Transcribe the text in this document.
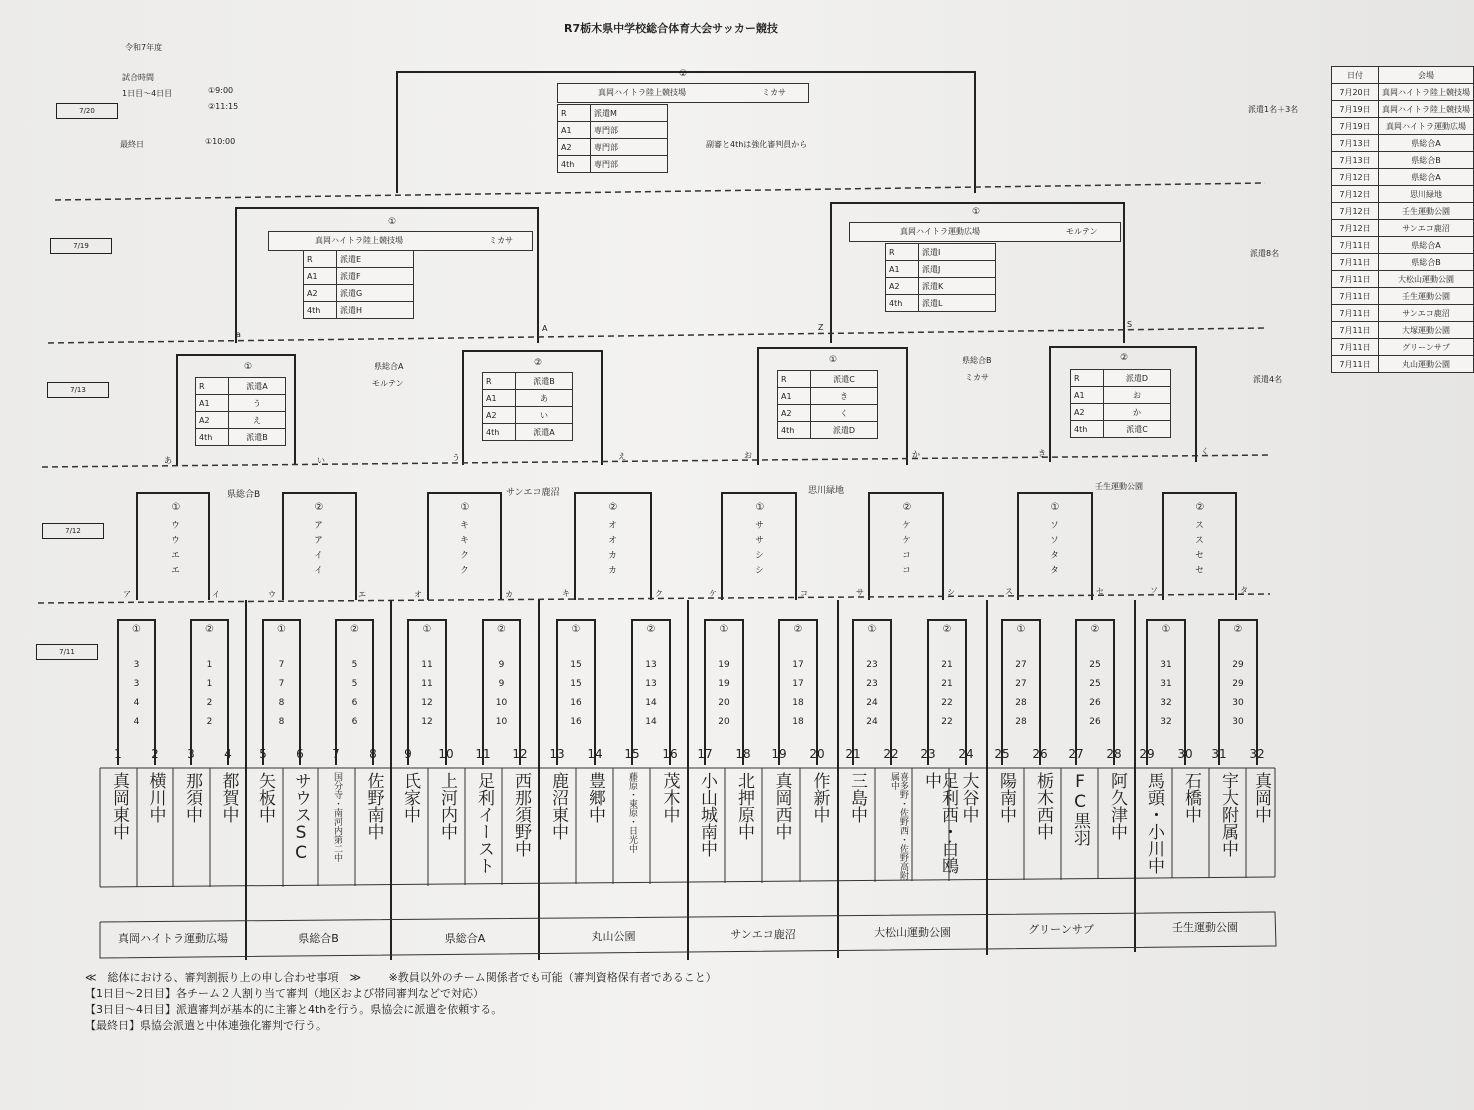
R7栃木県中学校総合体育大会サッカー競技
令和7年度
試合時間
1日目～4日目	①9:00
②11:15
最終日	①10:00
7/20
7/19
7/13
7/12
7/11
①
真岡ハイトラ陸上競技場	ミカサ
R	派遣M
A1	専門部
A2	専門部
4th	専門部
副審と4thは強化審判員から
派遣1名＋3名
①
真岡ハイトラ陸上競技場	ミカサ
R	派遣E
A1	派遣F
A2	派遣G
4th	派遣H
①
真岡ハイトラ運動広場	モルテン
R	派遣I
A1	派遣J
A2	派遣K
4th	派遣L
派遣8名
a
A	Z	S
県総合A
モルテン
県総合B
ミカサ	派遣4名
①
R	派遣A
A1	う
A2	え
4th	派遣B
②
R	派遣B
A1	あ
A2	い
4th	派遣A
①
R	派遣C
A1	き
A2	く
4th	派遣D
②
R	派遣D
A1	お
A2	か
4th	派遣C
あ	い	う	え	お	か	き	く
県総合B	サンエコ鹿沼	思川緑地	壬生運動公園
①
ウウエエ
②
アアイイ
①
キキクク
②
オオカカ
①
ササシシ
②
ケケココ
①
ソソタタ
②
ススセセ
ア	イ	ウ	エ	オ	カ	キ	ク	ケ	コ	サ	シ	ス	セ	ソ	タ
①
3
3
4
4
②
1
1
2
2
①
7
7
8
8
②
5
5
6
6
①
11
11
12
12
②
9
9
10
10
①
15
15
16
16
②
13
13
14
14
①
19
19
20
20
②
17
17
18
18
①
23
23
24
24
②
21
21
22
22
①
27
27
28
28
②
25
25
26
26
①
31
31
32
32
②
29
29
30
30
1
真岡東中
2
横川中
3
那須中
4
都賀中
5
矢板中
6
サウスSC
7
国分寺・南河内第二中
8
佐野南中
9
氏家中
10
上河内中
11
足利イースト
12
西那須野中
13
鹿沼東中
14
豊郷中
15
藤原・東原・日光中
16
茂木中
17
小山城南中
18
北押原中
19
真岡西中
20
作新中
21
三島中
22
喜多野・佐野西・佐野高附属中
23
足利西・白鴎中
24
大谷中
25
陽南中
26
栃木西中
27
FC黒羽
28
阿久津中
29
馬頭・小川中
30
石橋中
31
宇大附属中
32
真岡中
真岡ハイトラ運動広場	県総合B	県総合A	丸山公園	サンエコ鹿沼	大松山運動公園	グリーンサブ	壬生運動公園
日付	会場
7月20日	真岡ハイトラ陸上競技場
7月19日	真岡ハイトラ陸上競技場
7月19日	真岡ハイトラ運動広場
7月13日	県総合A
7月13日	県総合B
7月12日	県総合A
7月12日	思川緑地
7月12日	壬生運動公園
7月12日	サンエコ鹿沼
7月11日	県総合A
7月11日	県総合B
7月11日	大松山運動公園
7月11日	壬生運動公園
7月11日	サンエコ鹿沼
7月11日	大塚運動公園
7月11日	グリーンサブ
7月11日	丸山運動公園
≪　総体における、審判割振り上の申し合わせ事項　≫	※教員以外のチーム関係者でも可能（審判資格保有者であること）
【1日目～2日目】各チーム２人割り当て審判（地区および帯同審判などで対応）
【3日目～4日目】派遣審判が基本的に主審と4thを行う。県協会に派遣を依頼する。
【最終日】県協会派遣と中体連強化審判で行う。
